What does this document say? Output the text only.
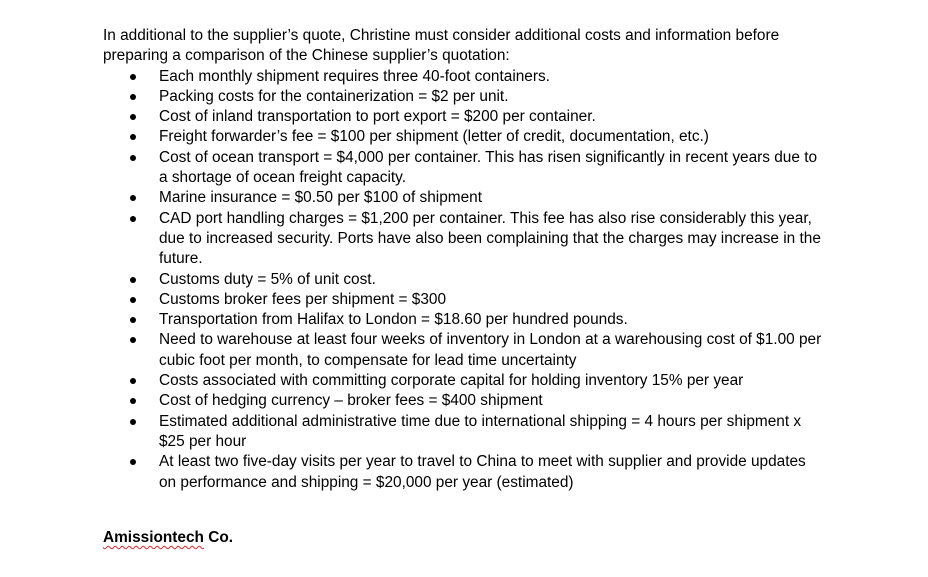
In additional to the supplier’s quote, Christine must consider additional costs and information before preparing a comparison of the Chinese supplier’s quotation:

Each monthly shipment requires three 40-foot containers.
Packing costs for the containerization = $2 per unit.
Cost of inland transportation to port export = $200 per container.
Freight forwarder’s fee = $100 per shipment (letter of credit, documentation, etc.)
Cost of ocean transport = $4,000 per container. This has risen significantly in recent years due to a shortage of ocean freight capacity.
Marine insurance = $0.50 per $100 of shipment
CAD port handling charges = $1,200 per container. This fee has also rise considerably this year, due to increased security. Ports have also been complaining that the charges may increase in the future.
Customs duty = 5% of unit cost.
Customs broker fees per shipment = $300
Transportation from Halifax to London = $18.60 per hundred pounds.
Need to warehouse at least four weeks of inventory in London at a warehousing cost of $1.00 per cubic foot per month, to compensate for lead time uncertainty
Costs associated with committing corporate capital for holding inventory 15% per year
Cost of hedging currency – broker fees = $400 shipment
Estimated additional administrative time due to international shipping = 4 hours per shipment x $25 per hour
At least two five-day visits per year to travel to China to meet with supplier and provide updates on performance and shipping = $20,000 per year (estimated)

Amissiontech Co.
